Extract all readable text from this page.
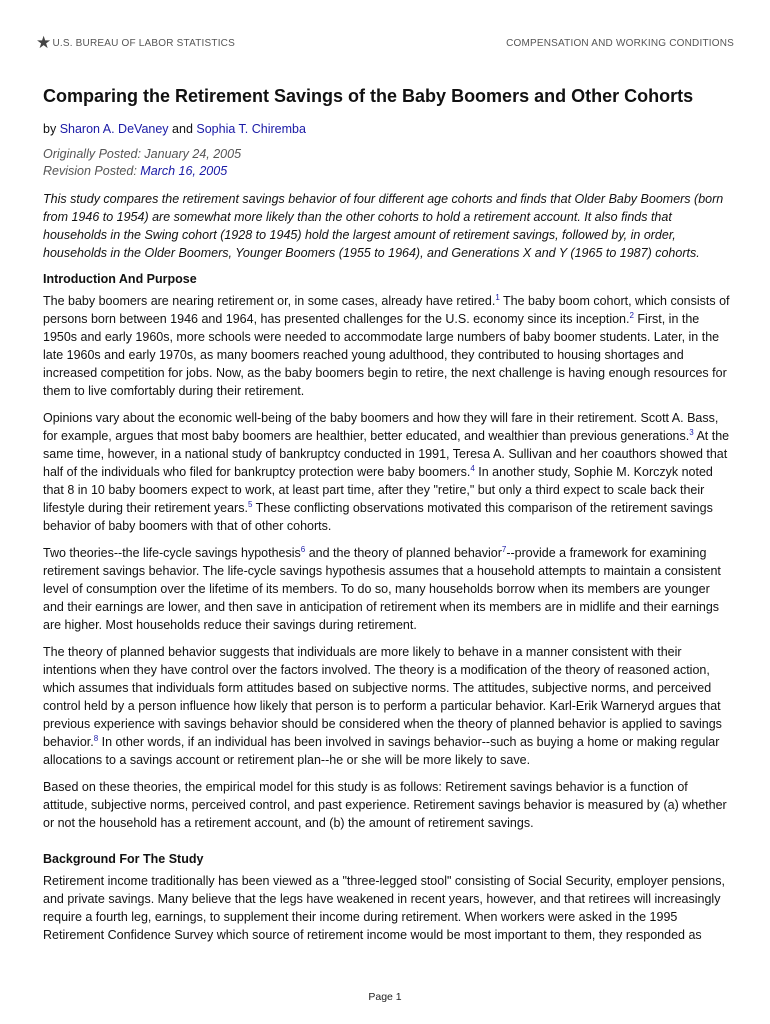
★ U.S. BUREAU OF LABOR STATISTICS	COMPENSATION AND WORKING CONDITIONS
Comparing the Retirement Savings of the Baby Boomers and Other Cohorts
by Sharon A. DeVaney and Sophia T. Chiremba
Originally Posted: January 24, 2005
Revision Posted: March 16, 2005
This study compares the retirement savings behavior of four different age cohorts and finds that Older Baby Boomers (born from 1946 to 1954) are somewhat more likely than the other cohorts to hold a retirement account. It also finds that households in the Swing cohort (1928 to 1945) hold the largest amount of retirement savings, followed by, in order, households in the Older Boomers, Younger Boomers (1955 to 1964), and Generations X and Y (1965 to 1987) cohorts.
Introduction And Purpose

The baby boomers are nearing retirement or, in some cases, already have retired.$^1$ The baby boom cohort, which consists of persons born between 1946 and 1964, has presented challenges for the U.S. economy since its inception.$^2$ First, in the 1950s and early 1960s, more schools were needed to accommodate large numbers of baby boomer students. Later, in the late 1960s and early 1970s, as many boomers reached young adulthood, they contributed to housing shortages and increased competition for jobs. Now, as the baby boomers begin to retire, the next challenge is having enough resources for them to live comfortably during their retirement.

Opinions vary about the economic well-being of the baby boomers and how they will fare in their retirement. Scott A. Bass, for example, argues that most baby boomers are healthier, better educated, and wealthier than previous generations.$^3$ At the same time, however, in a national study of bankruptcy conducted in 1991, Teresa A. Sullivan and her coauthors showed that half of the individuals who filed for bankruptcy protection were baby boomers.$^4$ In another study, Sophie M. Korczyk noted that 8 in 10 baby boomers expect to work, at least part time, after they "retire," but only a third expect to scale back their lifestyle during their retirement years.$^5$ These conflicting observations motivated this comparison of the retirement savings behavior of baby boomers with that of other cohorts.

Two theories--the life-cycle savings hypothesis$^6$ and the theory of planned behavior$^7$--provide a framework for examining retirement savings behavior. The life-cycle savings hypothesis assumes that a household attempts to maintain a consistent level of consumption over the lifetime of its members. To do so, many households borrow when its members are younger and their earnings are lower, and then save in anticipation of retirement when its members are in midlife and their earnings are higher. Most households reduce their savings during retirement.

The theory of planned behavior suggests that individuals are more likely to behave in a manner consistent with their intentions when they have control over the factors involved. The theory is a modification of the theory of reasoned action, which assumes that individuals form attitudes based on subjective norms. The attitudes, subjective norms, and perceived control held by a person influence how likely that person is to perform a particular behavior. Karl-Erik Warneryd argues that previous experience with savings behavior should be considered when the theory of planned behavior is applied to savings behavior.$^8$ In other words, if an individual has been involved in savings behavior--such as buying a home or making regular allocations to a savings account or retirement plan--he or she will be more likely to save.

Based on these theories, the empirical model for this study is as follows: Retirement savings behavior is a function of attitude, subjective norms, perceived control, and past experience. Retirement savings behavior is measured by (a) whether or not the household has a retirement account, and (b) the amount of retirement savings.

Background For The Study

Retirement income traditionally has been viewed as a "three-legged stool" consisting of Social Security, employer pensions, and private savings. Many believe that the legs have weakened in recent years, however, and that retirees will increasingly require a fourth leg, earnings, to supplement their income during retirement. When workers were asked in the 1995 Retirement Confidence Survey which source of retirement income would be most important to them, they responded as

Page 1
